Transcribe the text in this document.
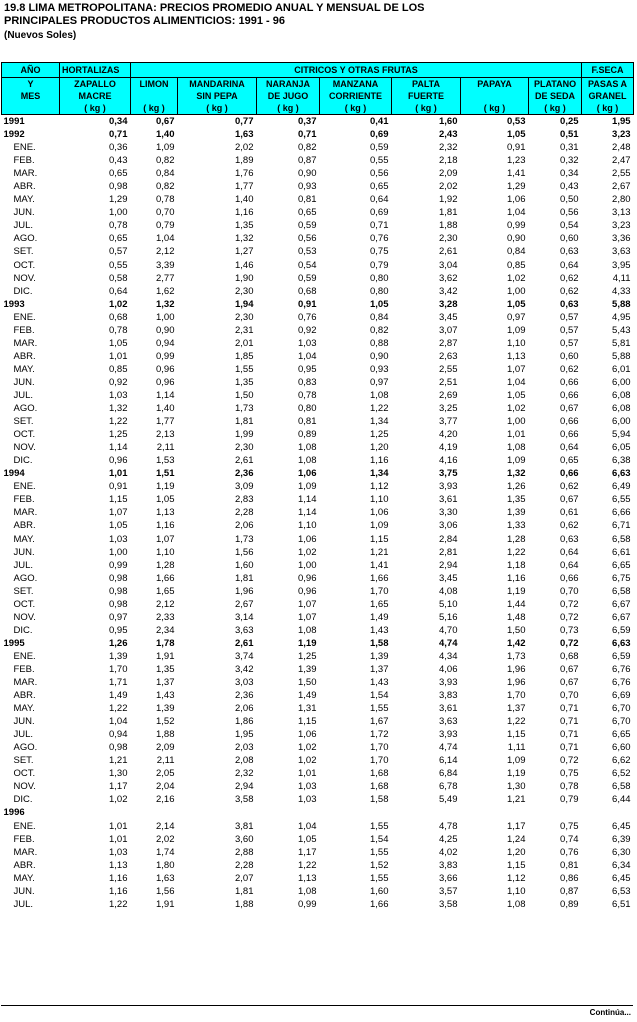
19.8 LIMA METROPOLITANA: PRECIOS PROMEDIO ANUAL Y MENSUAL DE LOS
PRINCIPALES PRODUCTOS ALIMENTICIOS: 1991 - 96
(Nuevos Soles)
AÑO	HORTALIZAS	CITRICOS Y OTRAS FRUTAS							F.SECA
Y	ZAPALLO	LIMON	MANDARINA	NARANJA	MANZANA	PALTA	PAPAYA	PLATANO	PASAS A
MES	MACRE		SIN PEPA	DE JUGO	CORRIENTE	FUERTE		DE SEDA	GRANEL
	( kg )	( kg )	( kg )	( kg )	( kg )	( kg )	( kg )	( kg )	( kg )
1991	0,34	0,67	0,77	0,37	0,41	1,60	0,53	0,25	1,95
1992	0,71	1,40	1,63	0,71	0,69	2,43	1,05	0,51	3,23
ENE.	0,36	1,09	2,02	0,82	0,59	2,32	0,91	0,31	2,48
FEB.	0,43	0,82	1,89	0,87	0,55	2,18	1,23	0,32	2,47
MAR.	0,65	0,84	1,76	0,90	0,56	2,09	1,41	0,34	2,55
ABR.	0,98	0,82	1,77	0,93	0,65	2,02	1,29	0,43	2,67
MAY.	1,29	0,78	1,40	0,81	0,64	1,92	1,06	0,50	2,80
JUN.	1,00	0,70	1,16	0,65	0,69	1,81	1,04	0,56	3,13
JUL.	0,78	0,79	1,35	0,59	0,71	1,88	0,99	0,54	3,23
AGO.	0,65	1,04	1,32	0,56	0,76	2,30	0,90	0,60	3,36
SET.	0,57	2,12	1,27	0,53	0,75	2,61	0,84	0,63	3,63
OCT.	0,55	3,39	1,46	0,54	0,79	3,04	0,85	0,64	3,95
NOV.	0,58	2,77	1,90	0,59	0,80	3,62	1,02	0,62	4,11
DIC.	0,64	1,62	2,30	0,68	0,80	3,42	1,00	0,62	4,33
1993	1,02	1,32	1,94	0,91	1,05	3,28	1,05	0,63	5,88
ENE.	0,68	1,00	2,30	0,76	0,84	3,45	0,97	0,57	4,95
FEB.	0,78	0,90	2,31	0,92	0,82	3,07	1,09	0,57	5,43
MAR.	1,05	0,94	2,01	1,03	0,88	2,87	1,10	0,57	5,81
ABR.	1,01	0,99	1,85	1,04	0,90	2,63	1,13	0,60	5,88
MAY.	0,85	0,96	1,55	0,95	0,93	2,55	1,07	0,62	6,01
JUN.	0,92	0,96	1,35	0,83	0,97	2,51	1,04	0,66	6,00
JUL.	1,03	1,14	1,50	0,78	1,08	2,69	1,05	0,66	6,08
AGO.	1,32	1,40	1,73	0,80	1,22	3,25	1,02	0,67	6,08
SET.	1,22	1,77	1,81	0,81	1,34	3,77	1,00	0,66	6,00
OCT.	1,25	2,13	1,99	0,89	1,25	4,20	1,01	0,66	5,94
NOV.	1,14	2,11	2,30	1,08	1,20	4,19	1,08	0,64	6,05
DIC.	0,96	1,53	2,61	1,08	1,16	4,16	1,09	0,65	6,38
1994	1,01	1,51	2,36	1,06	1,34	3,75	1,32	0,66	6,63
ENE.	0,91	1,19	3,09	1,09	1,12	3,93	1,26	0,62	6,49
FEB.	1,15	1,05	2,83	1,14	1,10	3,61	1,35	0,67	6,55
MAR.	1,07	1,13	2,28	1,14	1,06	3,30	1,39	0,61	6,66
ABR.	1,05	1,16	2,06	1,10	1,09	3,06	1,33	0,62	6,71
MAY.	1,03	1,07	1,73	1,06	1,15	2,84	1,28	0,63	6,58
JUN.	1,00	1,10	1,56	1,02	1,21	2,81	1,22	0,64	6,61
JUL.	0,99	1,28	1,60	1,00	1,41	2,94	1,18	0,64	6,65
AGO.	0,98	1,66	1,81	0,96	1,66	3,45	1,16	0,66	6,75
SET.	0,98	1,65	1,96	0,96	1,70	4,08	1,19	0,70	6,58
OCT.	0,98	2,12	2,67	1,07	1,65	5,10	1,44	0,72	6,67
NOV.	0,97	2,33	3,14	1,07	1,49	5,16	1,48	0,72	6,67
DIC.	0,95	2,34	3,63	1,08	1,43	4,70	1,50	0,73	6,59
1995	1,26	1,78	2,61	1,19	1,58	4,74	1,42	0,72	6,63
ENE.	1,39	1,91	3,74	1,25	1,39	4,34	1,73	0,68	6,59
FEB.	1,70	1,35	3,42	1,39	1,37	4,06	1,96	0,67	6,76
MAR.	1,71	1,37	3,03	1,50	1,43	3,93	1,96	0,67	6,76
ABR.	1,49	1,43	2,36	1,49	1,54	3,83	1,70	0,70	6,69
MAY.	1,22	1,39	2,06	1,31	1,55	3,61	1,37	0,71	6,70
JUN.	1,04	1,52	1,86	1,15	1,67	3,63	1,22	0,71	6,70
JUL.	0,94	1,88	1,95	1,06	1,72	3,93	1,15	0,71	6,65
AGO.	0,98	2,09	2,03	1,02	1,70	4,74	1,11	0,71	6,60
SET.	1,21	2,11	2,08	1,02	1,70	6,14	1,09	0,72	6,62
OCT.	1,30	2,05	2,32	1,01	1,68	6,84	1,19	0,75	6,52
NOV.	1,17	2,04	2,94	1,03	1,68	6,78	1,30	0,78	6,58
DIC.	1,02	2,16	3,58	1,03	1,58	5,49	1,21	0,79	6,44
1996									
ENE.	1,01	2,14	3,81	1,04	1,55	4,78	1,17	0,75	6,45
FEB.	1,01	2,02	3,60	1,05	1,54	4,25	1,24	0,74	6,39
MAR.	1,03	1,74	2,88	1,17	1,55	4,02	1,20	0,76	6,30
ABR.	1,13	1,80	2,28	1,22	1,52	3,83	1,15	0,81	6,34
MAY.	1,16	1,63	2,07	1,13	1,55	3,66	1,12	0,86	6,45
JUN.	1,16	1,56	1,81	1,08	1,60	3,57	1,10	0,87	6,53
JUL.	1,22	1,91	1,88	0,99	1,66	3,58	1,08	0,89	6,51
Continúa...
